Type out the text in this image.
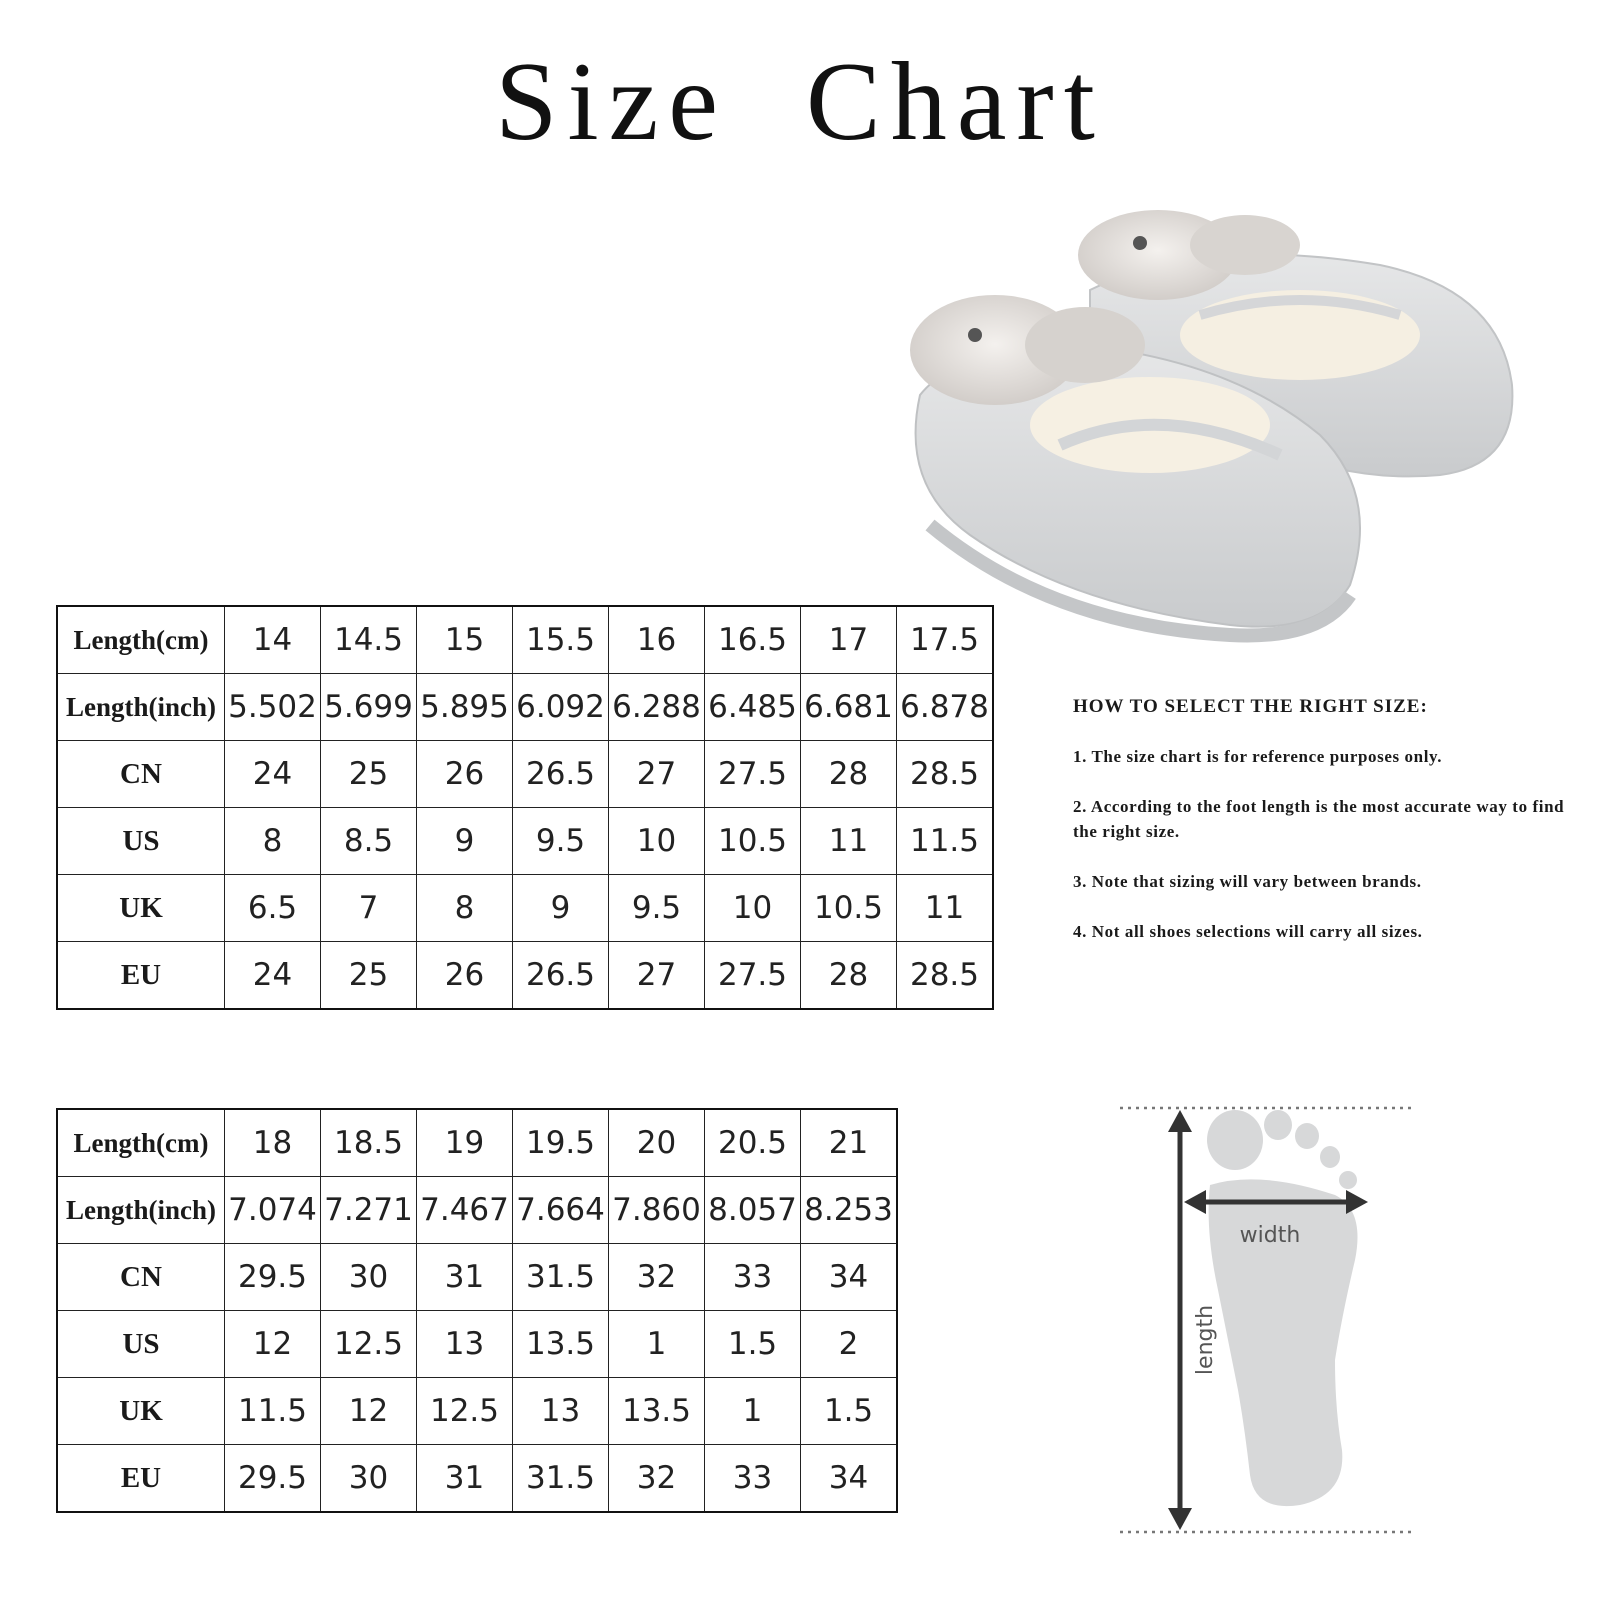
Size Chart
Length(cm)	14	14.5	15	15.5	16	16.5	17	17.5
Length(inch)	5.502	5.699	5.895	6.092	6.288	6.485	6.681	6.878
CN	24	25	26	26.5	27	27.5	28	28.5
US	8	8.5	9	9.5	10	10.5	11	11.5
UK	6.5	7	8	9	9.5	10	10.5	11
EU	24	25	26	26.5	27	27.5	28	28.5
Length(cm)	18	18.5	19	19.5	20	20.5	21
Length(inch)	7.074	7.271	7.467	7.664	7.860	8.057	8.253
CN	29.5	30	31	31.5	32	33	34
US	12	12.5	13	13.5	1	1.5	2
UK	11.5	12	12.5	13	13.5	1	1.5
EU	29.5	30	31	31.5	32	33	34
HOW TO SELECT THE RIGHT SIZE:
1. The size chart is for reference purposes only.
2. According to the foot length is the most accurate way to find the right size.
3. Note that sizing will vary between brands.
4. Not all shoes selections will carry all sizes.
width
length
